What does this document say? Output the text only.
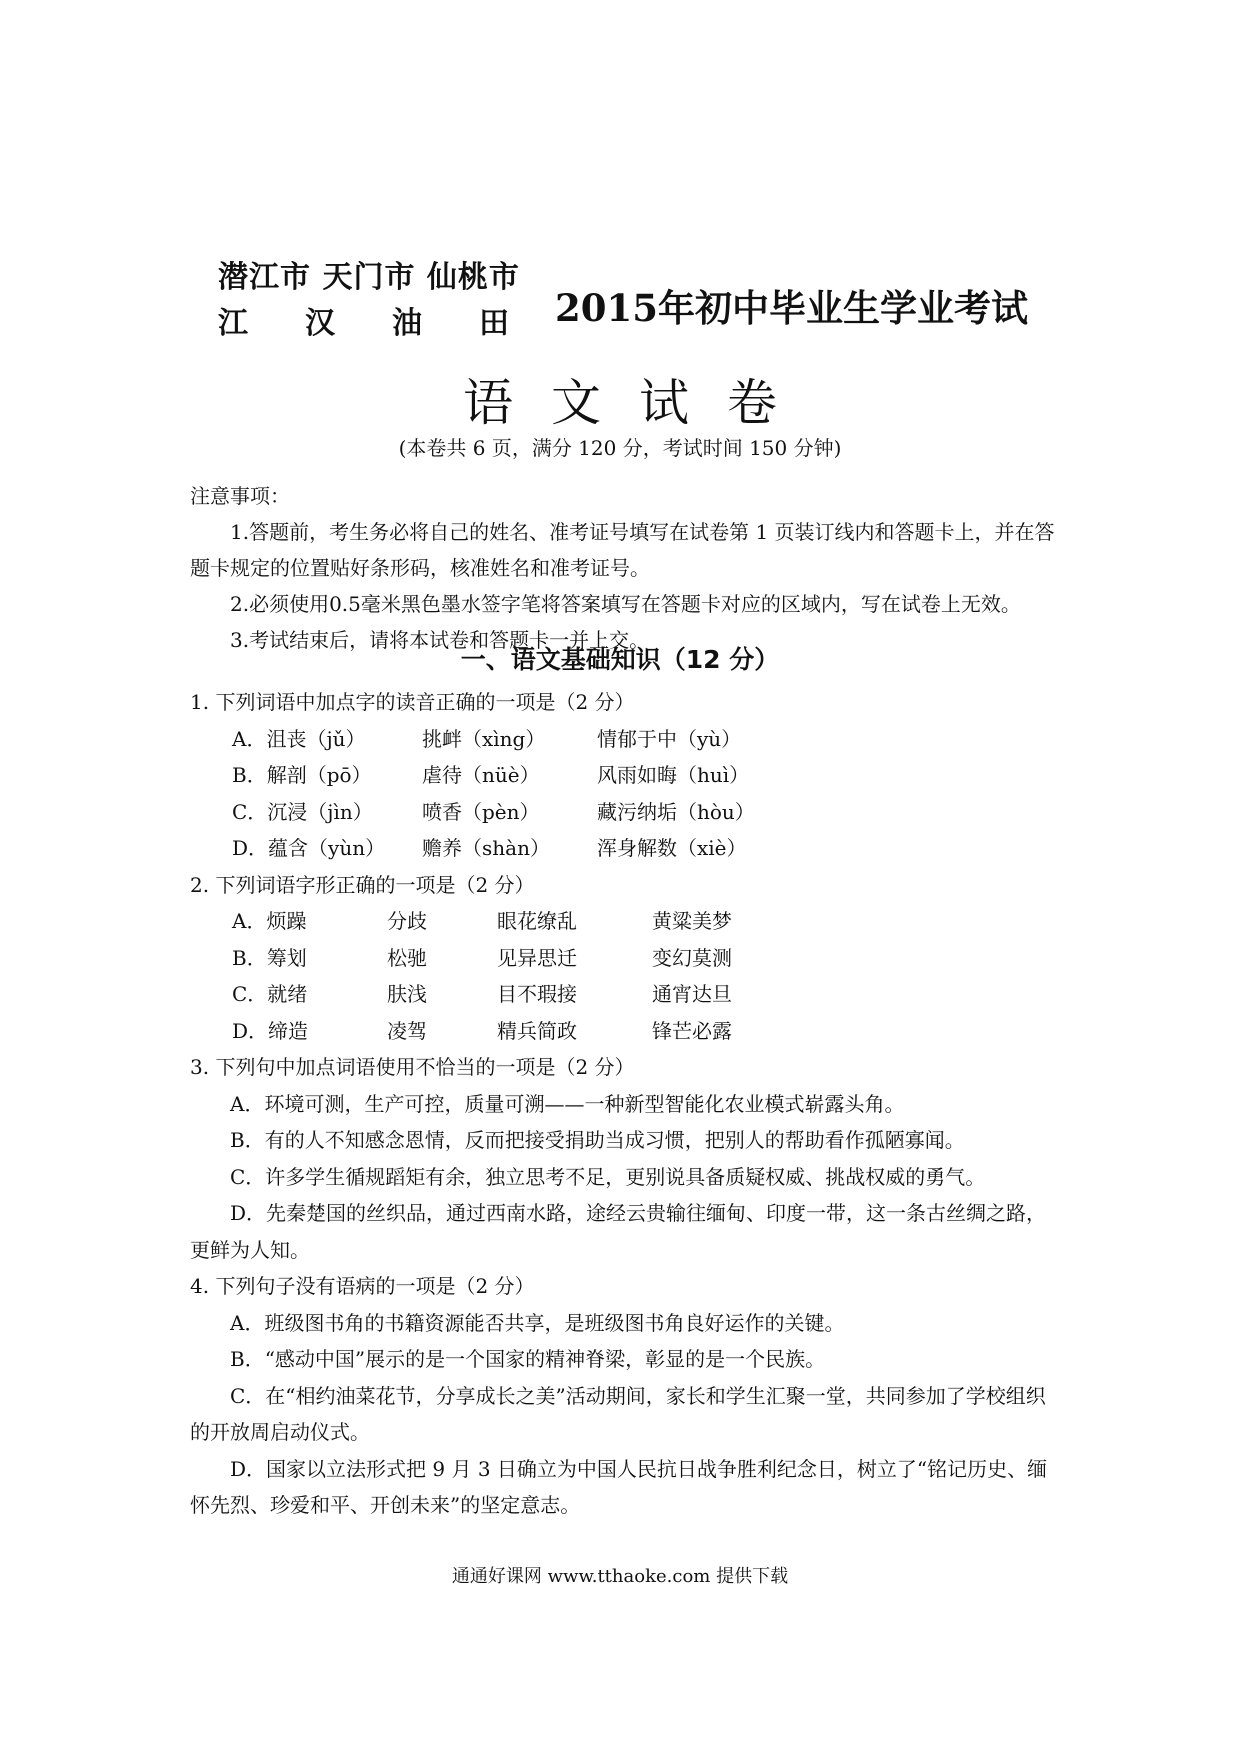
潜江市 天门市 仙桃市
江 汉 油 田 2015年初中毕业生学业考试
语文试卷
(本卷共 6 页，满分 120 分，考试时间 150 分钟)

注意事项：

1.答题前，考生务必将自己的姓名、准考证号填写在试卷第 1 页装订线内和答题卡上，并在答题卡规定的位置贴好条形码，核准姓名和准考证号。

2.必须使用0.5毫米黑色墨水签字笔将答案填写在答题卡对应的区域内，写在试卷上无效。

3.考试结束后，请将本试卷和答题卡一并上交。

一、语文基础知识（12 分）

1. 下列词语中加点字的读音正确的一项是（2 分）

A．沮丧（jǔ）	挑衅（xìng）	情郁于中（yù）
B．解剖（pō）	虐待（nüè）	风雨如晦（huì）
C．沉浸（jìn）	喷香（pèn）	藏污纳垢（hòu）
D．蕴含（yùn）	赡养（shàn）	浑身解数（xiè）

2. 下列词语字形正确的一项是（2 分）

A．烦躁	分歧	眼花缭乱	黄粱美梦
B．筹划	松驰	见异思迁	变幻莫测
C．就绪	肤浅	目不瑕接	通宵达旦
D．缔造	凌驾	精兵简政	锋芒必露

3. 下列句中加点词语使用不恰当的一项是（2 分）

A．环境可测，生产可控，质量可溯——一种新型智能化农业模式崭露头角。

B．有的人不知感念恩情，反而把接受捐助当成习惯，把别人的帮助看作孤陋寡闻。

C．许多学生循规蹈矩有余，独立思考不足，更别说具备质疑权威、挑战权威的勇气。

D．先秦楚国的丝织品，通过西南水路，途经云贵输往缅甸、印度一带，这一条古丝绸之路，更鲜为人知。

4. 下列句子没有语病的一项是（2 分）

A．班级图书角的书籍资源能否共享，是班级图书角良好运作的关键。

B．“感动中国”展示的是一个国家的精神脊梁，彰显的是一个民族。

C．在“相约油菜花节，分享成长之美”活动期间，家长和学生汇聚一堂，共同参加了学校组织的开放周启动仪式。

D．国家以立法形式把 9 月 3 日确立为中国人民抗日战争胜利纪念日，树立了“铭记历史、缅怀先烈、珍爱和平、开创未来”的坚定意志。

通通好课网 www.tthaoke.com 提供下载
